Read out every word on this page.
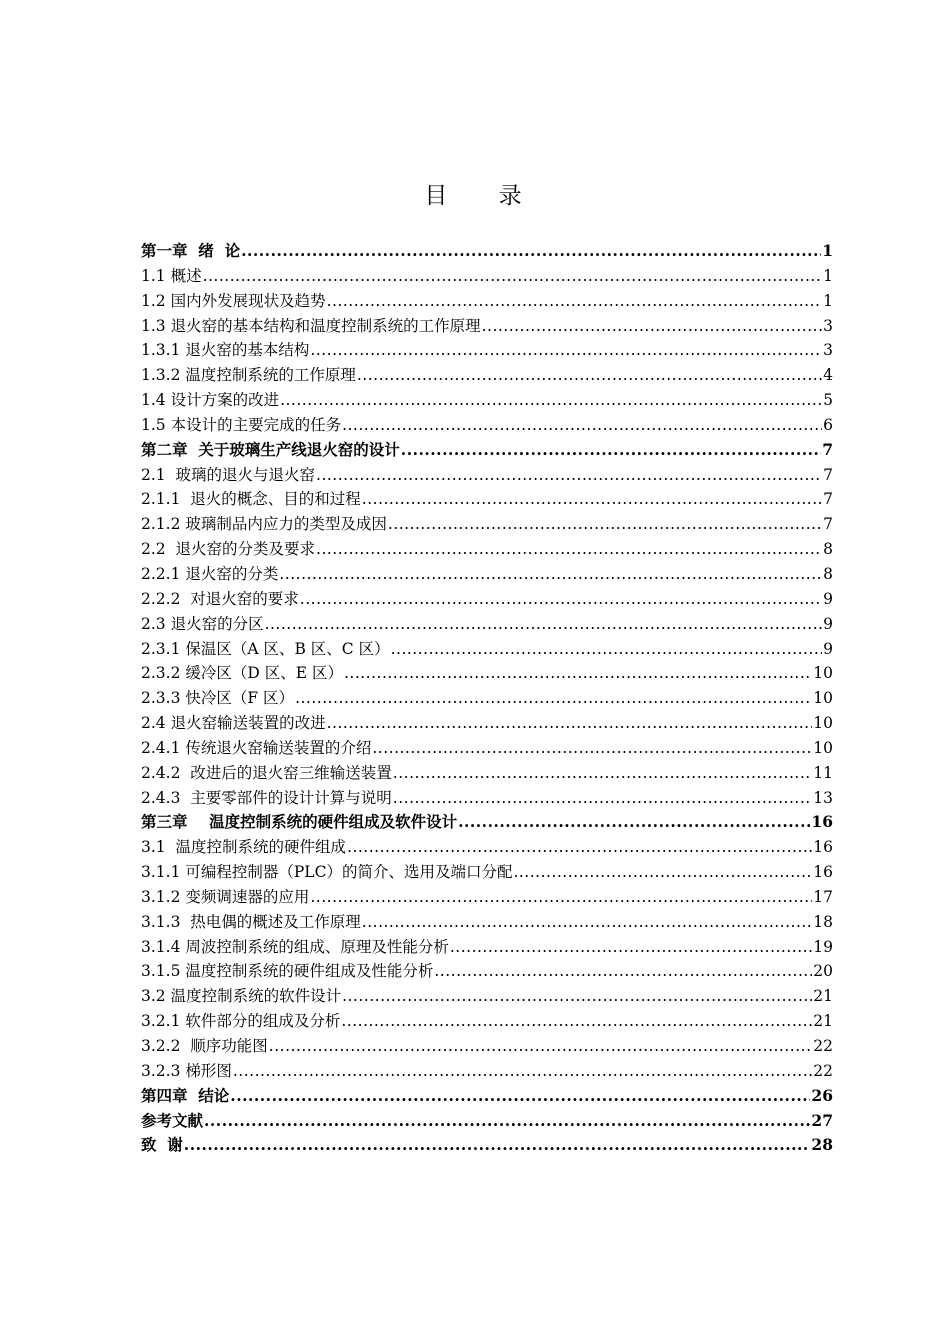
目 录
第一章  绪  论 .....	1
1.1 概述 .....	1
1.2 国内外发展现状及趋势 .....	1
1.3 退火窑的基本结构和温度控制系统的工作原理 .....	3
1.3.1 退火窑的基本结构 .....	3
1.3.2 温度控制系统的工作原理 .....	4
1.4 设计方案的改进 .....	5
1.5 本设计的主要完成的任务 .....	6
第二章  关于玻璃生产线退火窑的设计 .....	7
2.1  玻璃的退火与退火窑 .....	7
2.1.1  退火的概念、目的和过程 .....	7
2.1.2 玻璃制品内应力的类型及成因 .....	7
2.2  退火窑的分类及要求 .....	8
2.2.1 退火窑的分类 .....	8
2.2.2  对退火窑的要求 .....	9
2.3 退火窑的分区 .....	9
2.3.1 保温区（A 区、B 区、C 区） .....	9
2.3.2 缓冷区（D 区、E 区） .....	10
2.3.3 快冷区（F 区） .....	10
2.4 退火窑输送装置的改进 .....	10
2.4.1 传统退火窑输送装置的介绍 .....	10
2.4.2  改进后的退火窑三维输送装置 .....	11
2.4.3  主要零部件的设计计算与说明 .....	13
第三章    温度控制系统的硬件组成及软件设计 .....	16
3.1  温度控制系统的硬件组成 .....	16
3.1.1 可编程控制器（PLC）的简介、选用及端口分配 .....	16
3.1.2 变频调速器的应用 .....	17
3.1.3  热电偶的概述及工作原理 .....	18
3.1.4 周波控制系统的组成、原理及性能分析 .....	19
3.1.5 温度控制系统的硬件组成及性能分析 .....	20
3.2 温度控制系统的软件设计 .....	21
3.2.1 软件部分的组成及分析 .....	21
3.2.2  顺序功能图 .....	22
3.2.3 梯形图 .....	22
第四章  结论 .....	26
参考文献 .....	27
致  谢 .....	28
